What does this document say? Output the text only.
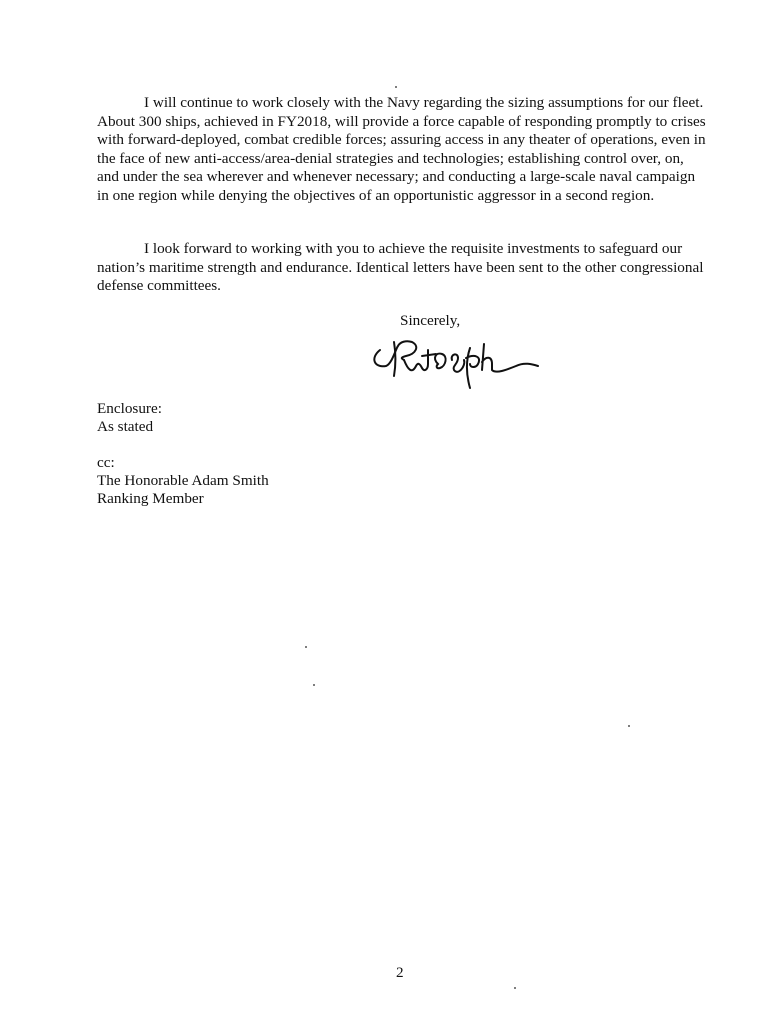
I will continue to work closely with the Navy regarding the sizing assumptions for our fleet. About 300 ships, achieved in FY2018, will provide a force capable of responding promptly to crises with forward-deployed, combat credible forces; assuring access in any theater of operations, even in the face of new anti-access/area-denial strategies and technologies; establishing control over, on, and under the sea wherever and whenever necessary; and conducting a large-scale naval campaign in one region while denying the objectives of an opportunistic aggressor in a second region.

I look forward to working with you to achieve the requisite investments to safeguard our nation’s maritime strength and endurance. Identical letters have been sent to the other congressional defense committees.

Sincerely,
Enclosure:
As stated
cc:
The Honorable Adam Smith
Ranking Member
2
